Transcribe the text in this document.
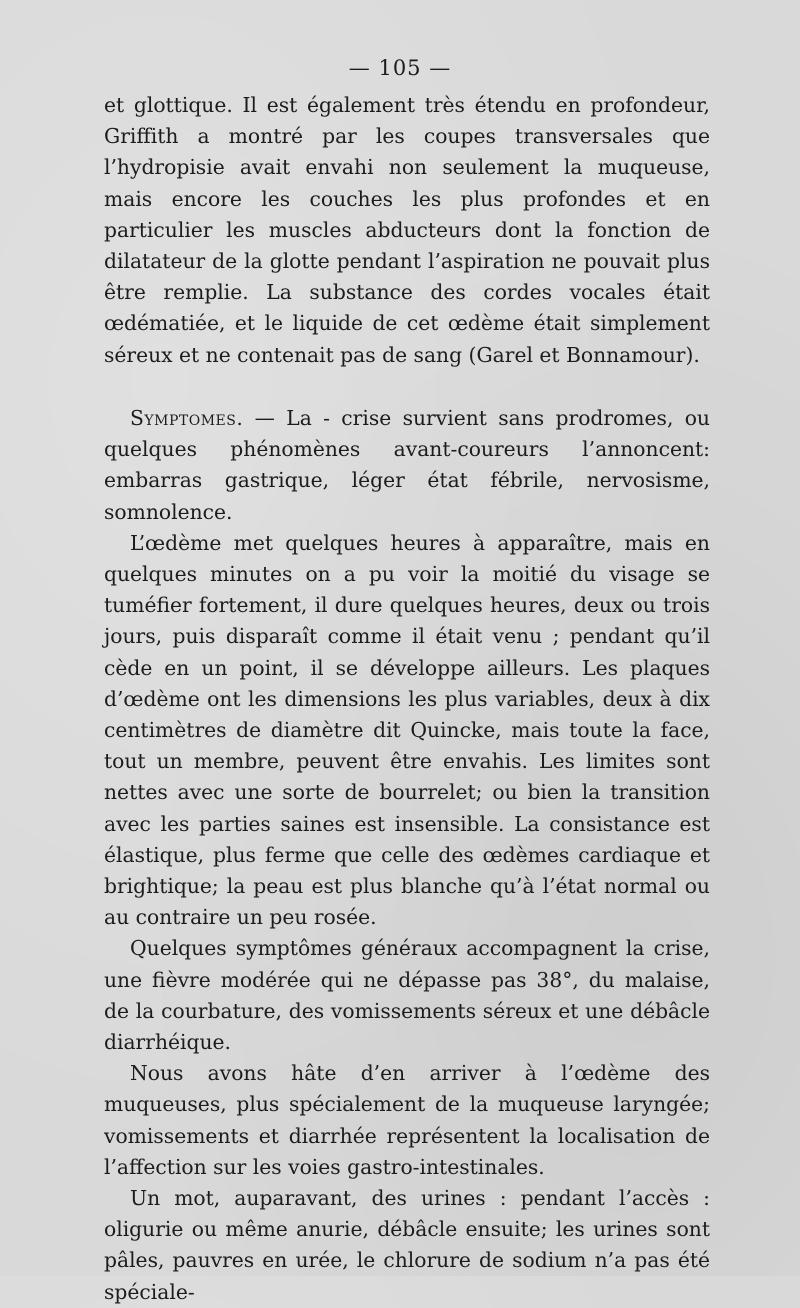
— 105 —

et glottique. Il est également très étendu en profondeur, Griffith a montré par les coupes transversales que l’hydropisie avait envahi non seulement la muqueuse, mais encore les couches les plus profondes et en particulier les muscles abducteurs dont la fonction de dilatateur de la glotte pendant l’aspiration ne pouvait plus être remplie. La substance des cordes vocales était œdématiée, et le liquide de cet œdème était simplement séreux et ne contenait pas de sang (Garel et Bonnamour).

Symptomes. — La - crise survient sans prodromes, ou quelques phénomènes avant-coureurs l’annoncent: embarras gastrique, léger état fébrile, nervosisme, somnolence.

L’œdème met quelques heures à apparaître, mais en quelques minutes on a pu voir la moitié du visage se tuméfier fortement, il dure quelques heures, deux ou trois jours, puis disparaît comme il était venu ; pendant qu’il cède en un point, il se développe ailleurs. Les plaques d’œdème ont les dimensions les plus variables, deux à dix centimètres de diamètre dit Quincke, mais toute la face, tout un membre, peuvent être envahis. Les limites sont nettes avec une sorte de bourrelet; ou bien la transition avec les parties saines est insensible. La consistance est élastique, plus ferme que celle des œdèmes cardiaque et brightique; la peau est plus blanche qu’à l’état normal ou au contraire un peu rosée.

Quelques symptômes généraux accompagnent la crise, une fièvre modérée qui ne dépasse pas 38°, du malaise, de la courbature, des vomissements séreux et une débâcle diarrhéique.

Nous avons hâte d’en arriver à l’œdème des muqueuses, plus spécialement de la muqueuse laryngée; vomissements et diarrhée représentent la localisation de l’affection sur les voies gastro-intestinales.

Un mot, auparavant, des urines : pendant l’accès : oligurie ou même anurie, débâcle ensuite; les urines sont pâles, pauvres en urée, le chlorure de sodium n’a pas été spéciale-
